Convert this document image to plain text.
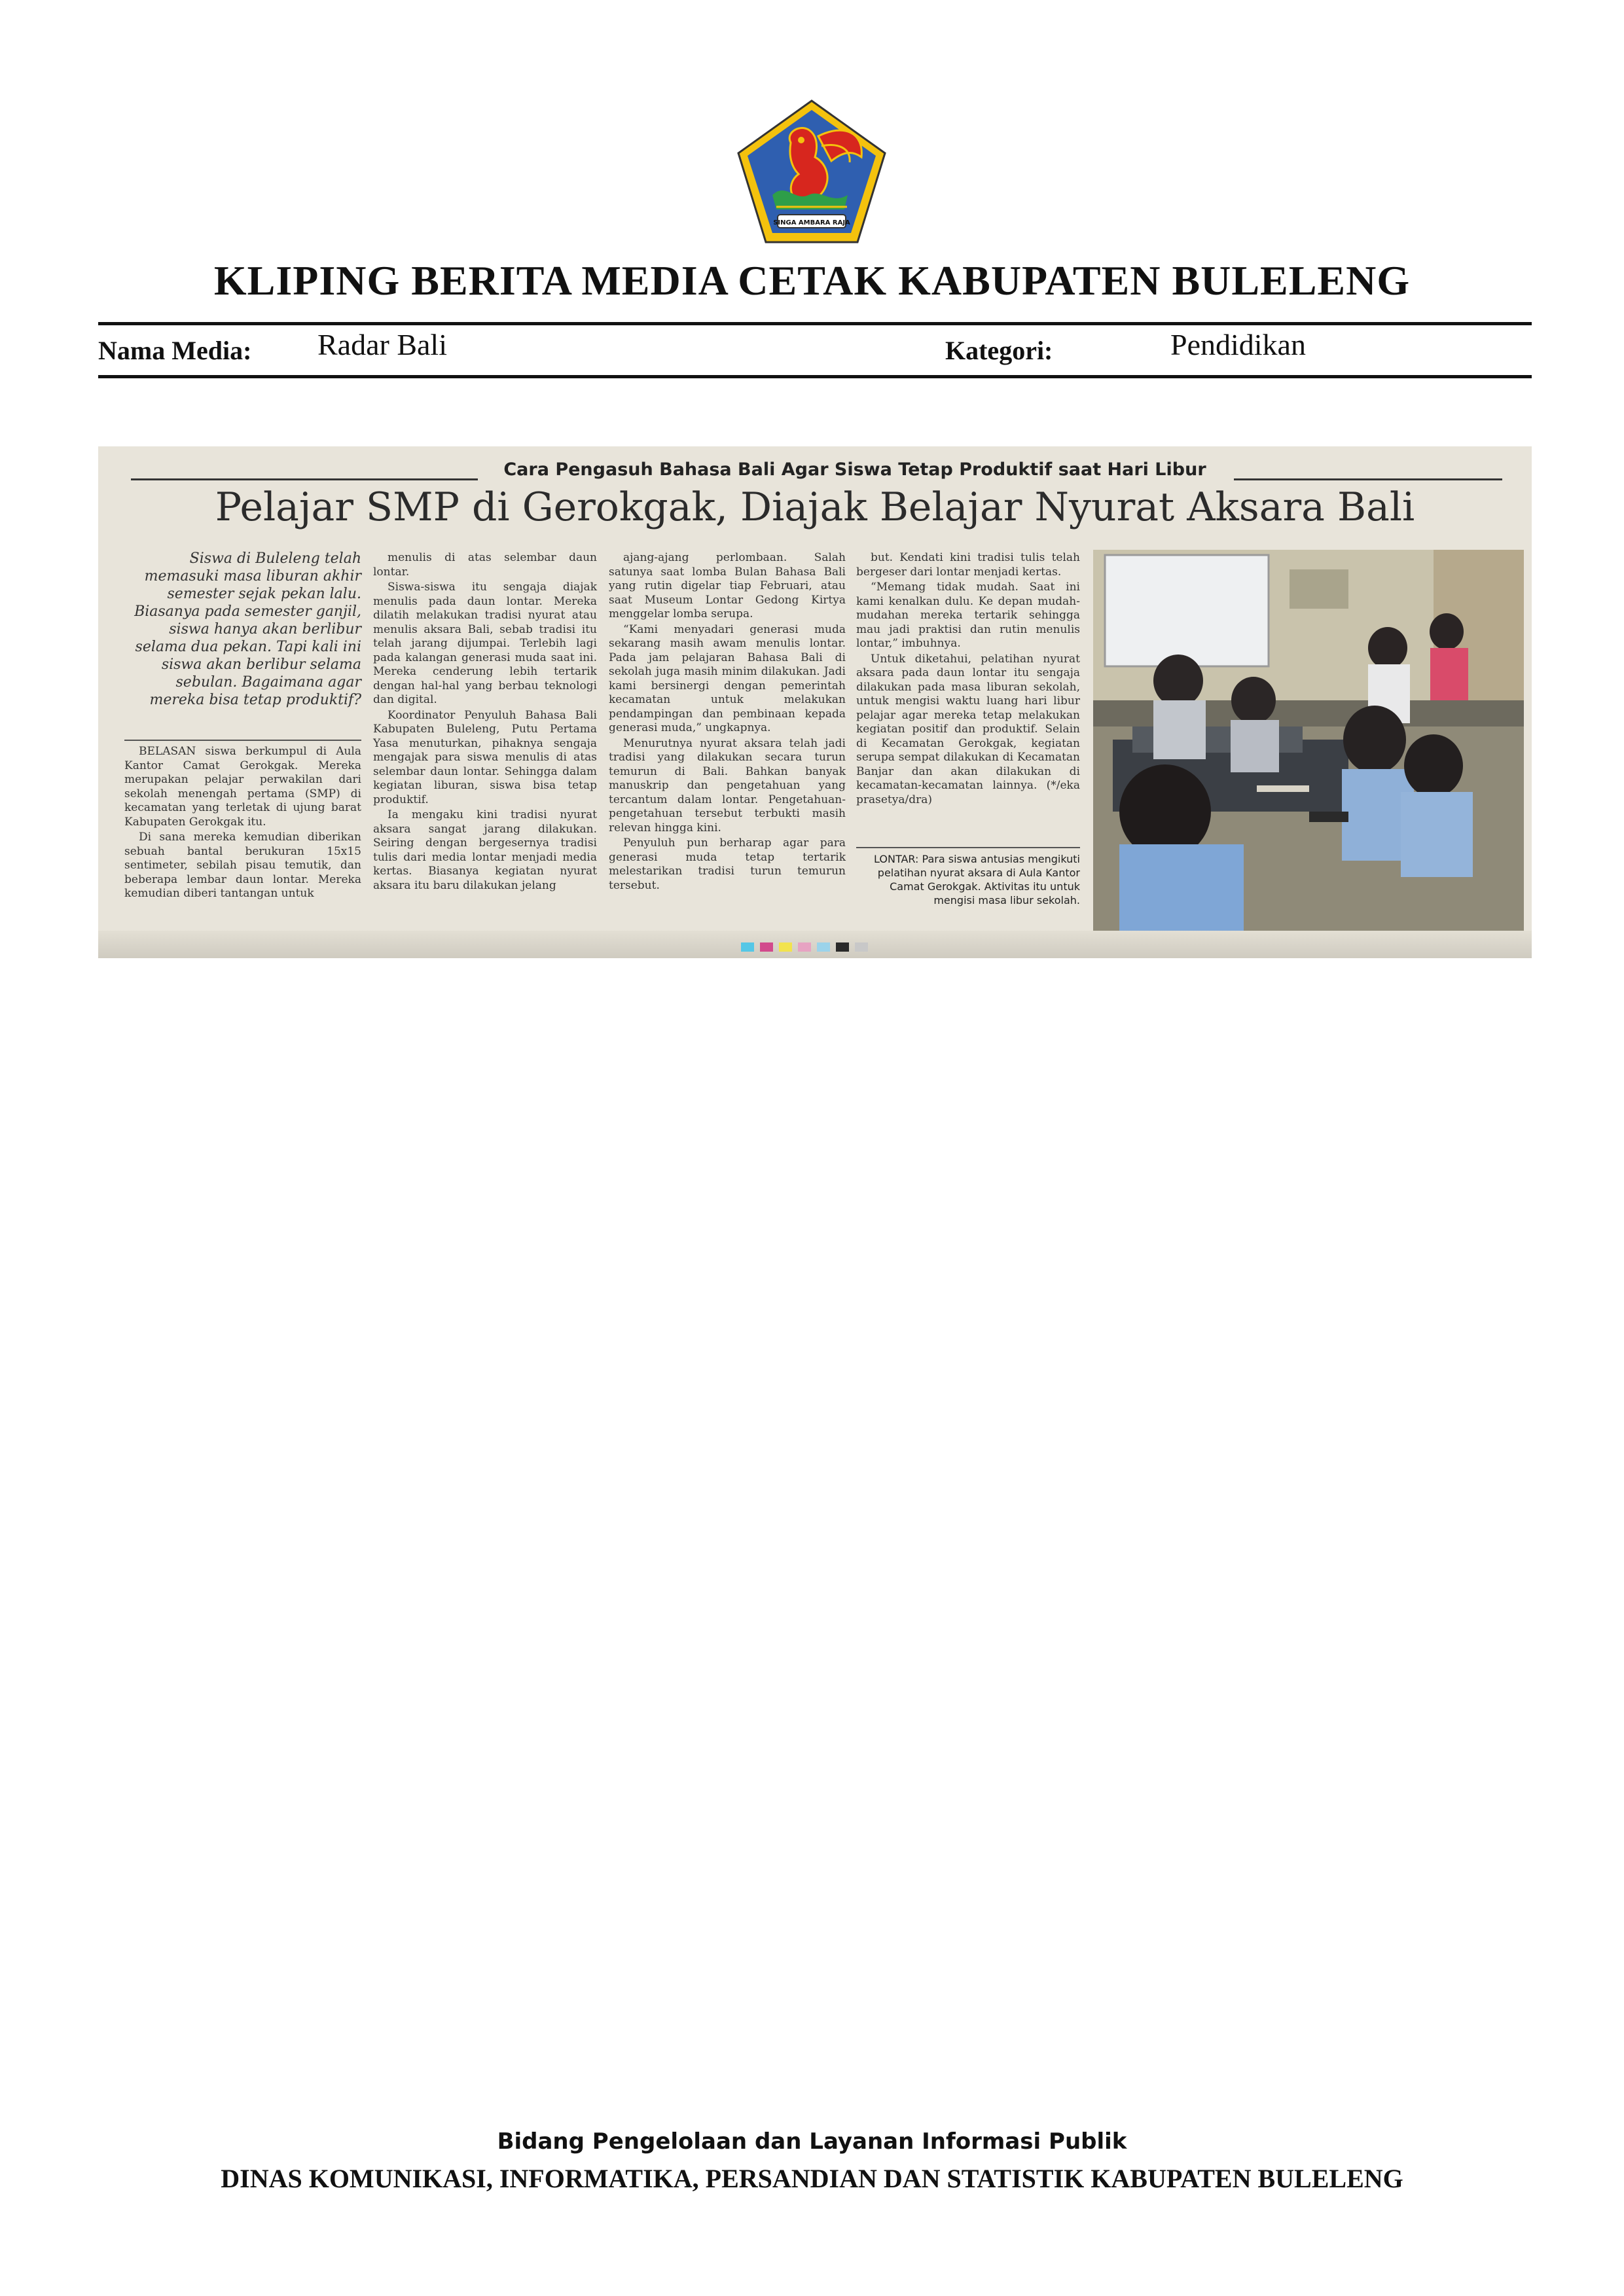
SINGA AMBARA RAJA
KLIPING BERITA MEDIA CETAK KABUPATEN BULELENG
Nama Media: Radar Bali	Kategori:	Pendidikan
Cara Pengasuh Bahasa Bali Agar Siswa Tetap Produktif saat Hari Libur
Pelajar SMP di Gerokgak, Diajak Belajar Nyurat Aksara Bali
Siswa di Buleleng telah memasuki masa liburan akhir semester sejak pekan lalu. Biasanya pada semester ganjil, siswa hanya akan berlibur selama dua pekan. Tapi kali ini siswa akan berlibur selama sebulan. Bagaimana agar mereka bisa tetap produktif?

BELASAN siswa berkumpul di Aula Kantor Camat Gerokgak. Mereka merupakan pelajar perwakilan dari sekolah menengah pertama (SMP) di kecamatan yang terletak di ujung barat Kabupaten Gerokgak itu.

Di sana mereka kemudian diberikan sebuah bantal berukuran 15x15 sentimeter, sebilah pisau temutik, dan beberapa lembar daun lontar. Mereka kemudian diberi tantangan untuk

menulis di atas selembar daun lontar.

Siswa-siswa itu sengaja diajak menulis pada daun lontar. Mereka dilatih melakukan tradisi nyurat atau menulis aksara Bali, sebab tradisi itu telah jarang dijumpai. Terlebih lagi pada kalangan generasi muda saat ini. Mereka cenderung lebih tertarik dengan hal-hal yang berbau teknologi dan digital.

Koordinator Penyuluh Bahasa Bali Kabupaten Buleleng, Putu Pertama Yasa menuturkan, pihaknya sengaja mengajak para siswa menulis di atas selembar daun lontar. Sehingga dalam kegiatan liburan, siswa bisa tetap produktif.

Ia mengaku kini tradisi nyurat aksara sangat jarang dilakukan. Seiring dengan bergesernya tradisi tulis dari media lontar menjadi media kertas. Biasanya kegiatan nyurat aksara itu baru dilakukan jelang

ajang-ajang perlombaan. Salah satunya saat lomba Bulan Bahasa Bali yang rutin digelar tiap Februari, atau saat Museum Lontar Gedong Kirtya menggelar lomba serupa.

“Kami menyadari generasi muda sekarang masih awam menulis lontar. Pada jam pelajaran Bahasa Bali di sekolah juga masih minim dilakukan. Jadi kami bersinergi dengan pemerintah kecamatan untuk melakukan pendampingan dan pembinaan kepada generasi muda,” ungkapnya.

Menurutnya nyurat aksara telah jadi tradisi yang dilakukan secara turun temurun di Bali. Bahkan banyak manuskrip dan pengetahuan yang tercantum dalam lontar. Pengetahuan-pengetahuan tersebut terbukti masih relevan hingga kini.

Penyuluh pun berharap agar para generasi muda tetap tertarik melestarikan tradisi turun temurun tersebut.

but. Kendati kini tradisi tulis telah bergeser dari lontar menjadi kertas.

“Memang tidak mudah. Saat ini kami kenalkan dulu. Ke depan mudah-mudahan mereka tertarik sehingga mau jadi praktisi dan rutin menulis lontar,” imbuhnya.

Untuk diketahui, pelatihan nyurat aksara pada daun lontar itu sengaja dilakukan pada masa liburan sekolah, untuk mengisi waktu luang hari libur pelajar agar mereka tetap melakukan kegiatan positif dan produktif. Selain di Kecamatan Gerokgak, kegiatan serupa sempat dilakukan di Kecamatan Banjar dan akan dilakukan di kecamatan-kecamatan lainnya. (*/eka prasetya/dra)

LONTAR: Para siswa antusias mengikuti pelatihan nyurat aksara di Aula Kantor Camat Gerokgak. Aktivitas itu untuk mengisi masa libur sekolah.
Bidang Pengelolaan dan Layanan Informasi Publik
DINAS KOMUNIKASI, INFORMATIKA, PERSANDIAN DAN STATISTIK KABUPATEN BULELENG
